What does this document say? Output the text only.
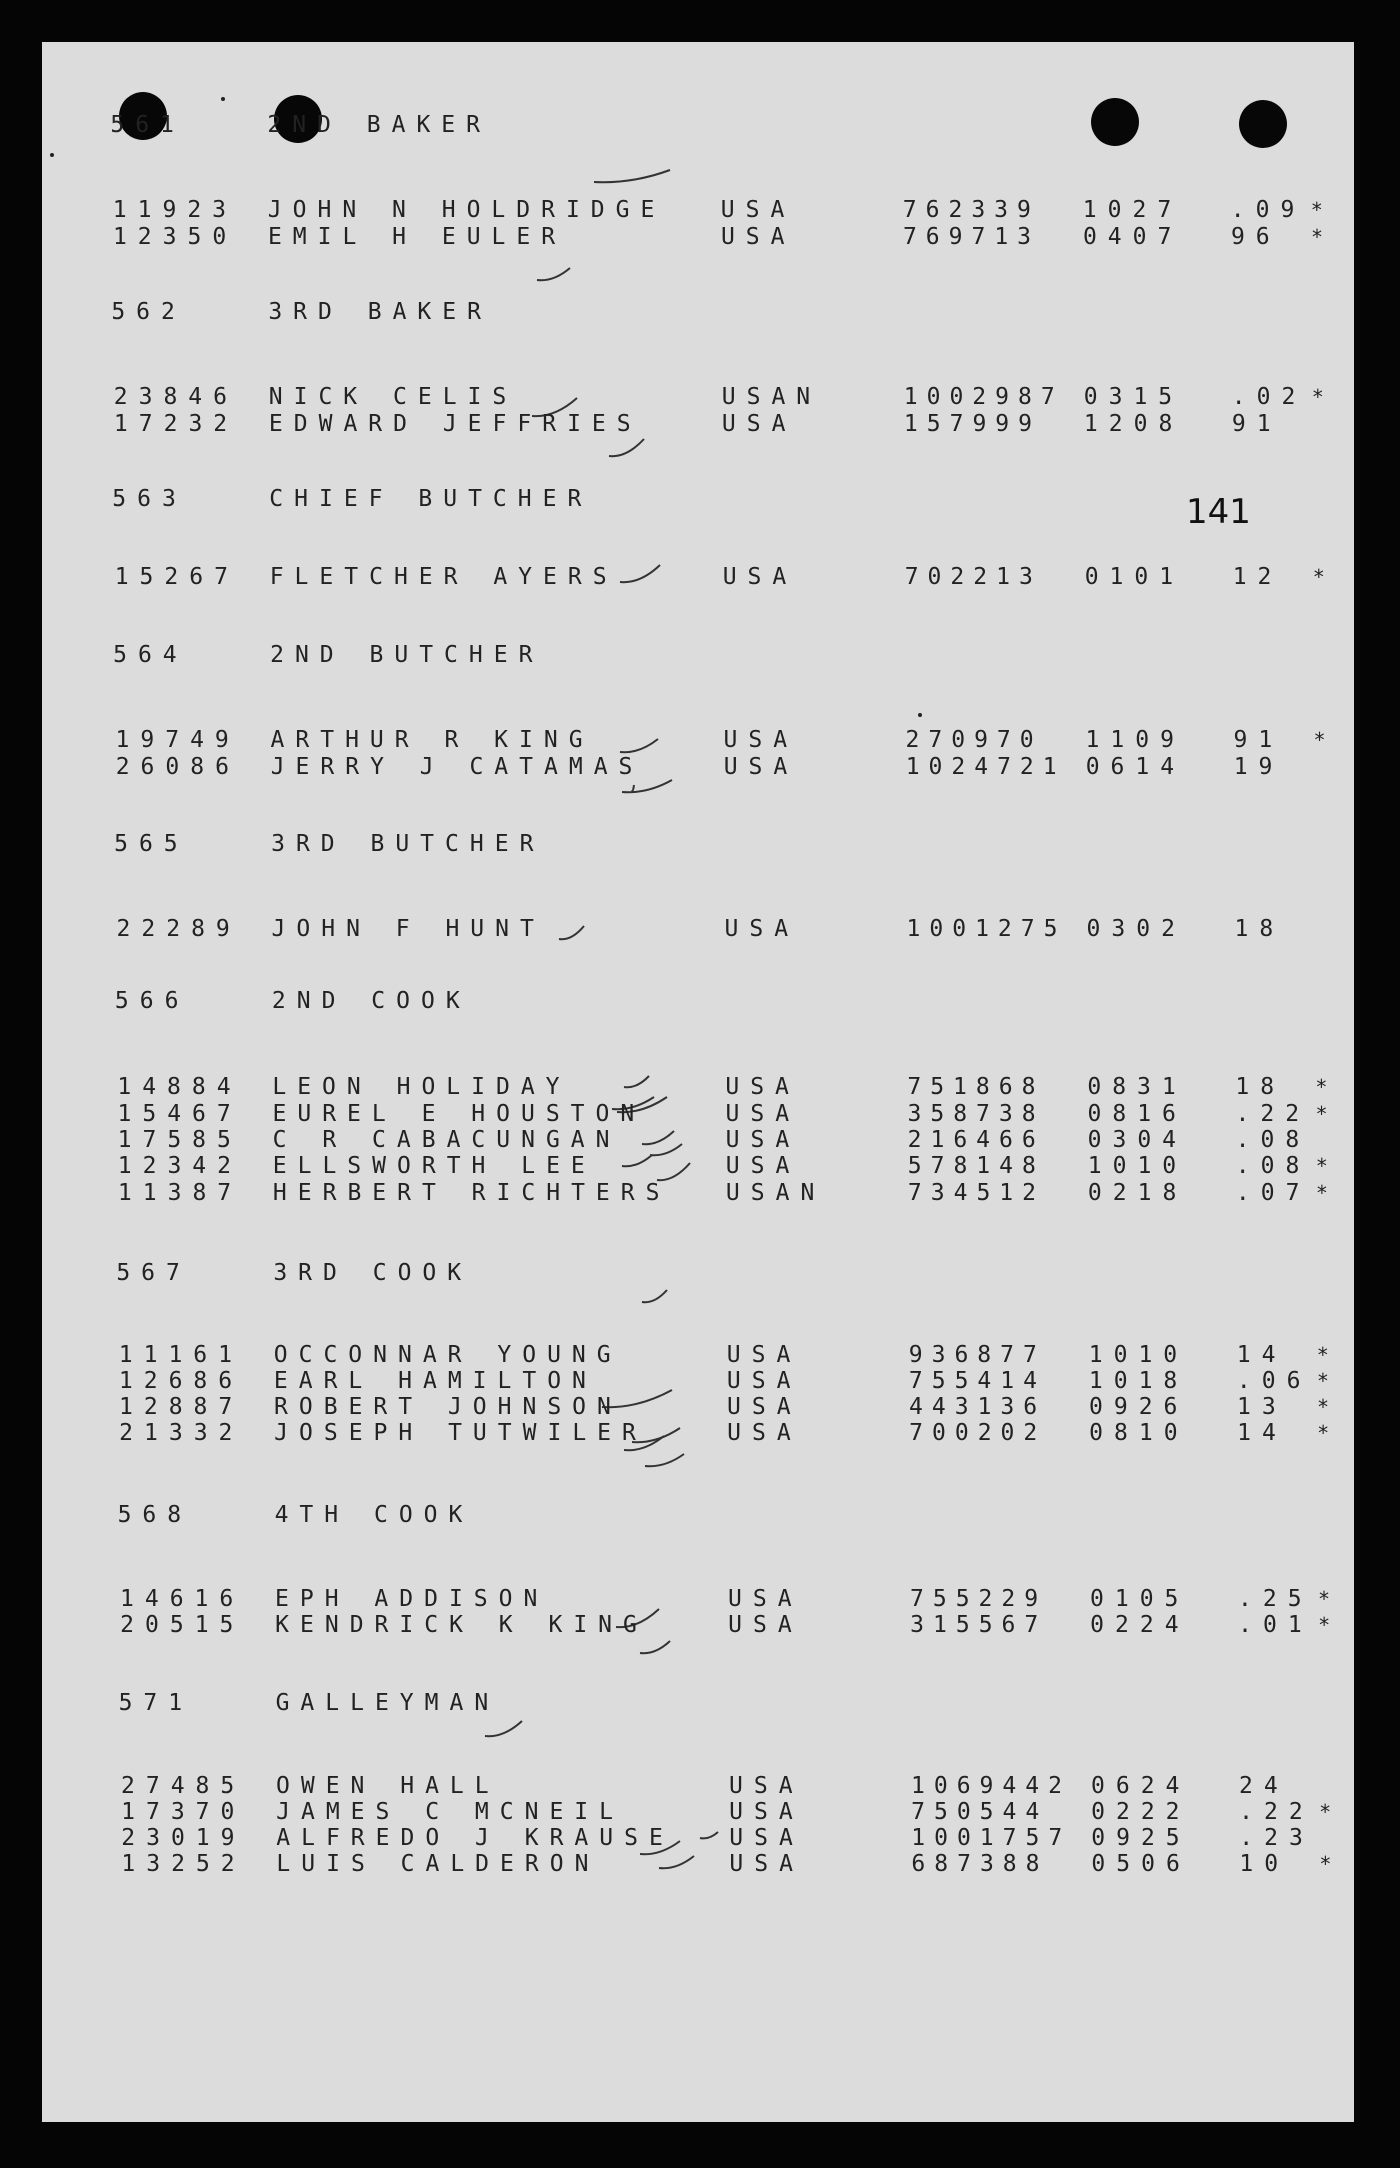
141
561	2ND BAKER
11923 JOHN N HOLDRIDGE USA	762339 1027 .09 *
12350 EMIL H EULER	USA	769713 0407 96 *
562	3RD BAKER
23846 NICK CELIS	USAN	1002987 0315 .02 *
17232 EDWARD JEFFRIES	USA	157999 1208 91
563	CHIEF BUTCHER
15267 FLETCHER AYERS	USA	702213 0101 12 *
564	2ND BUTCHER
19749 ARTHUR R KING	USA	270970 1109 91 *
26086 JERRY J CATAMAS	USA	1024721 0614 19
565	3RD BUTCHER
22289 JOHN F HUNT	USA	1001275 0302 18
566	2ND COOK
14884 LEON HOLIDAY	USA	751868 0831 18 *
15467 EUREL E HOUSTON	USA	358738 0816 .22 *
17585 C R CABACUNGAN	USA	216466 0304 .08
12342 ELLSWORTH LEE	USA	578148 1010 .08 *
11387 HERBERT RICHTERS USAN	734512 0218 .07 *
567	3RD COOK
11161 OCCONNAR YOUNG	USA	936877 1010 14 *
12686 EARL HAMILTON	USA	755414 1018 .06 *
12887 ROBERT JOHNSON	USA	443136 0926 13 *
21332 JOSEPH TUTWILER	USA	700202 0810 14 *
568	4TH COOK
14616 EPH ADDISON	USA	755229 0105 .25 *
20515 KENDRICK K KING	USA	315567 0224 .01 *
571	GALLEYMAN
27485 OWEN HALL	USA	1069442 0624 24
17370 JAMES C MCNEIL	USA	750544 0222 .22 *
23019 ALFREDO J KRAUSE USA	1001757 0925 .23
13252 LUIS CALDERON	USA	687388 0506 10 *
